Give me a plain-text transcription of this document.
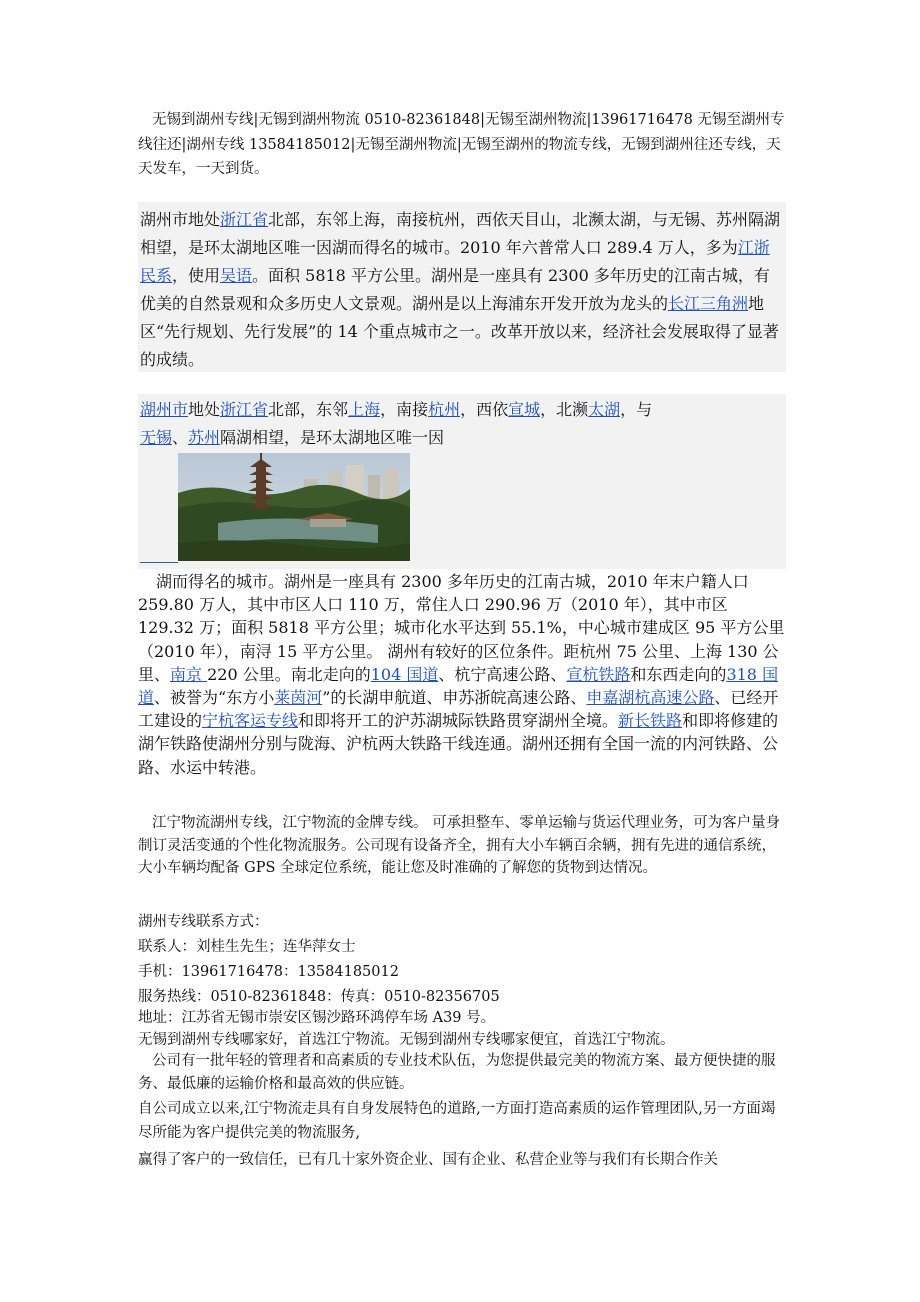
无锡到湖州专线|无锡到湖州物流 0510-82361848|无锡至湖州物流|13961716478 无锡至湖州专线往还|湖州专线 13584185012|无锡至湖州物流|无锡至湖州的物流专线，无锡到湖州往还专线，天天发车，一天到货。

湖州市地处浙江省北部，东邻上海，南接杭州，西依天目山，北濒太湖，与无锡、苏州隔湖相望，是环太湖地区唯一因湖而得名的城市。2010 年六普常人口 289.4 万人，多为江浙民系，使用吴语。面积 5818 平方公里。湖州是一座具有 2300 多年历史的江南古城，有优美的自然景观和众多历史人文景观。湖州是以上海浦东开发开放为龙头的长江三角洲地区“先行规划、先行发展”的 14 个重点城市之一。改革开放以来，经济社会发展取得了显著的成绩。
湖州市地处浙江省北部，东邻上海，南接杭州，西依宣城，北濒太湖，与
无锡、苏州隔湖相望，是环太湖地区唯一因
湖而得名的城市。湖州是一座具有 2300 多年历史的江南古城，2010 年末户籍人口 259.80 万人，其中市区人口 110 万，常住人口 290.96 万（2010 年），其中市区 129.32 万；面积 5818 平方公里；城市化水平达到 55.1%，中心城市建成区 95 平方公里（2010 年），南浔 15 平方公里。 湖州有较好的区位条件。距杭州 75 公里、上海 130 公里、南京 220 公里。南北走向的104 国道、杭宁高速公路、宣杭铁路和东西走向的318 国道、被誉为“东方小莱茵河”的长湖申航道、申苏浙皖高速公路、申嘉湖杭高速公路、已经开工建设的宁杭客运专线和即将开工的沪苏湖城际铁路贯穿湖州全境。新长铁路和即将修建的湖乍铁路使湖州分别与陇海、沪杭两大铁路干线连通。湖州还拥有全国一流的内河铁路、公路、水运中转港。

江宁物流湖州专线，江宁物流的金牌专线。 可承担整车、零单运输与货运代理业务，可为客户量身制订灵活变通的个性化物流服务。公司现有设备齐全，拥有大小车辆百余辆，拥有先进的通信系统，大小车辆均配备 GPS 全球定位系统，能让您及时准确的了解您的货物到达情况。

湖州专线联系方式：
联系人：刘桂生先生；连华萍女士
手机：13961716478：13584185012
服务热线：0510-82361848：传真：0510-82356705
地址：江苏省无锡市崇安区锡沙路环鸿停车场 A39 号。
无锡到湖州专线哪家好，首选江宁物流。无锡到湖州专线哪家便宜，首选江宁物流。

公司有一批年轻的管理者和高素质的专业技术队伍，为您提供最完美的物流方案、最方便快捷的服务、最低廉的运输价格和最高效的供应链。

自公司成立以来,江宁物流走具有自身发展特色的道路,一方面打造高素质的运作管理团队,另一方面竭尽所能为客户提供完美的物流服务,

赢得了客户的一致信任，已有几十家外资企业、国有企业、私营企业等与我们有长期合作关
